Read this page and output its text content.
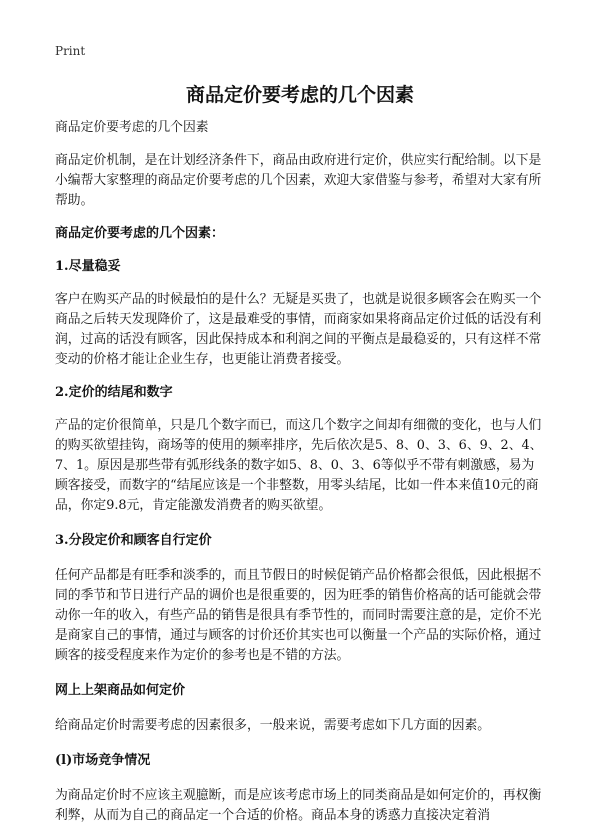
Print
商品定价要考虑的几个因素

商品定价要考虑的几个因素

商品定价机制，是在计划经济条件下，商品由政府进行定价，供应实行配给制。以下是小编帮大家整理的商品定价要考虑的几个因素，欢迎大家借鉴与参考，希望对大家有所帮助。

商品定价要考虑的几个因素：
1.尽量稳妥

客户在购买产品的时候最怕的是什么？无疑是买贵了，也就是说很多顾客会在购买一个商品之后转天发现降价了，这是最难受的事情，而商家如果将商品定价过低的话没有利润，过高的话没有顾客，因此保持成本和利润之间的平衡点是最稳妥的，只有这样不常变动的价格才能让企业生存，也更能让消费者接受。

2.定价的结尾和数字

产品的定价很简单，只是几个数字而已，而这几个数字之间却有细微的变化，也与人们的购买欲望挂钩，商场等的使用的频率排序，先后依次是5、8、0、3、6、9、2、4、7、1。原因是那些带有弧形线条的数字如5、8、0、3、6等似乎不带有刺激感，易为顾客接受，而数字的“结尾应该是一个非整数，用零头结尾，比如一件本来值10元的商品，你定9.8元，肯定能激发消费者的购买欲望。

3.分段定价和顾客自行定价

任何产品都是有旺季和淡季的，而且节假日的时候促销产品价格都会很低，因此根据不同的季节和节日进行产品的调价也是很重要的，因为旺季的销售价格高的话可能就会带动你一年的收入，有些产品的销售是很具有季节性的，而同时需要注意的是，定价不光是商家自己的事情，通过与顾客的讨价还价其实也可以衡量一个产品的实际价格，通过顾客的接受程度来作为定价的参考也是不错的方法。

网上上架商品如何定价

给商品定价时需要考虑的因素很多，一般来说，需要考虑如下几方面的因素。

(l)市场竞争情况

为商品定价时不应该主观臆断，而是应该考虑市场上的同类商品是如何定价的，再权衡利弊，从而为自己的商品定一个合适的价格。商品本身的诱惑力直接决定着消
